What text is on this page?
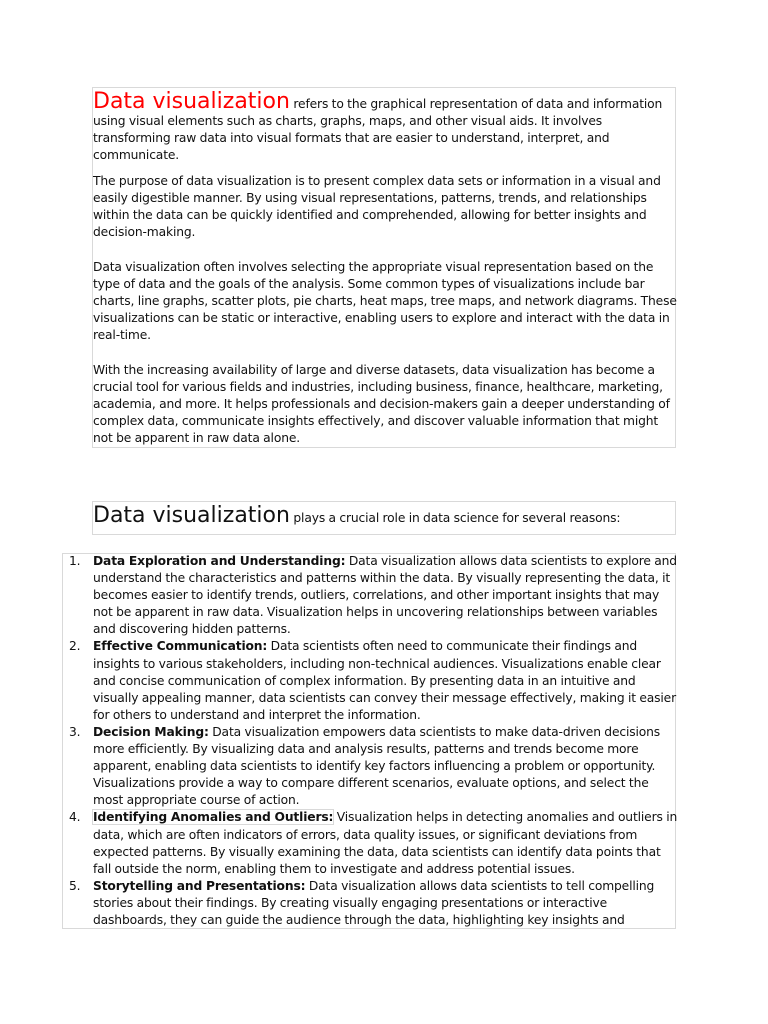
Data visualization refers to the graphical representation of data and information using visual elements such as charts, graphs, maps, and other visual aids. It involves transforming raw data into visual formats that are easier to understand, interpret, and communicate.

The purpose of data visualization is to present complex data sets or information in a visual and easily digestible manner. By using visual representations, patterns, trends, and relationships within the data can be quickly identified and comprehended, allowing for better insights and decision-making.

Data visualization often involves selecting the appropriate visual representation based on the type of data and the goals of the analysis. Some common types of visualizations include bar charts, line graphs, scatter plots, pie charts, heat maps, tree maps, and network diagrams. These visualizations can be static or interactive, enabling users to explore and interact with the data in real-time.

With the increasing availability of large and diverse datasets, data visualization has become a crucial tool for various fields and industries, including business, finance, healthcare, marketing, academia, and more. It helps professionals and decision-makers gain a deeper understanding of complex data, communicate insights effectively, and discover valuable information that might not be apparent in raw data alone.

Data visualization plays a crucial role in data science for several reasons:

1. Data Exploration and Understanding: Data visualization allows data scientists to explore and understand the characteristics and patterns within the data. By visually representing the data, it becomes easier to identify trends, outliers, correlations, and other important insights that may not be apparent in raw data. Visualization helps in uncovering relationships between variables and discovering hidden patterns.
2. Effective Communication: Data scientists often need to communicate their findings and insights to various stakeholders, including non-technical audiences. Visualizations enable clear and concise communication of complex information. By presenting data in an intuitive and visually appealing manner, data scientists can convey their message effectively, making it easier for others to understand and interpret the information.
3. Decision Making: Data visualization empowers data scientists to make data-driven decisions more efficiently. By visualizing data and analysis results, patterns and trends become more apparent, enabling data scientists to identify key factors influencing a problem or opportunity. Visualizations provide a way to compare different scenarios, evaluate options, and select the most appropriate course of action.
4. Identifying Anomalies and Outliers: Visualization helps in detecting anomalies and outliers in data, which are often indicators of errors, data quality issues, or significant deviations from expected patterns. By visually examining the data, data scientists can identify data points that fall outside the norm, enabling them to investigate and address potential issues.
5. Storytelling and Presentations: Data visualization allows data scientists to tell compelling stories about their findings. By creating visually engaging presentations or interactive dashboards, they can guide the audience through the data, highlighting key insights and
